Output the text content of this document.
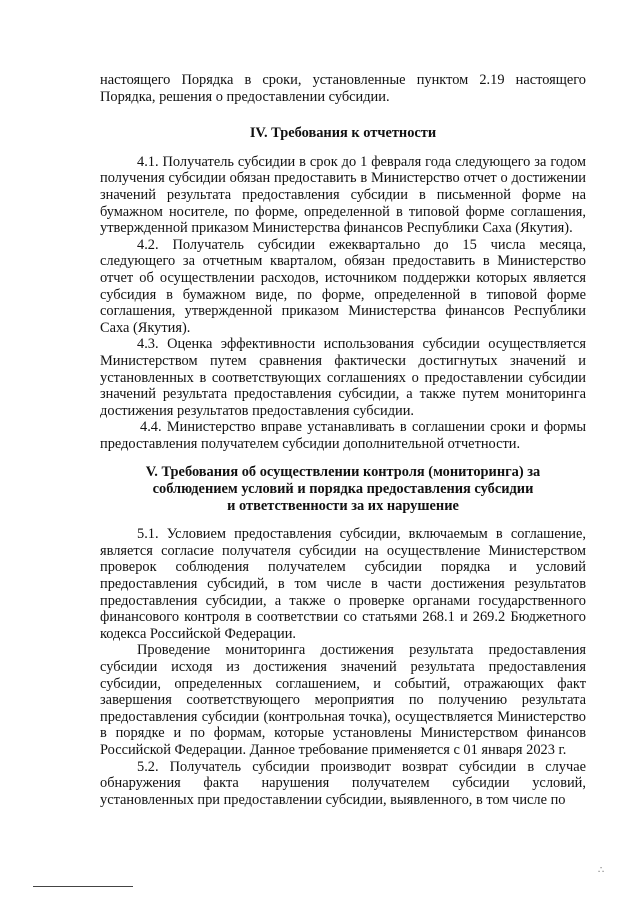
настоящего Порядка в сроки, установленные пунктом 2.19 настоящего Порядка, решения о предоставлении субсидии.

IV. Требования к отчетности

4.1. Получатель субсидии в срок до 1 февраля года следующего за годом получения субсидии обязан предоставить в Министерство отчет о достижении значений результата предоставления субсидии в письменной форме на бумажном носителе, по форме, определенной в типовой форме соглашения, утвержденной приказом Министерства финансов Республики Саха (Якутия).

4.2. Получатель субсидии ежеквартально до 15 числа месяца, следующего за отчетным кварталом, обязан предоставить в Министерство отчет об осуществлении расходов, источником поддержки которых является субсидия в бумажном виде, по форме, определенной в типовой форме соглашения, утвержденной приказом Министерства финансов Республики Саха (Якутия).

4.3. Оценка эффективности использования субсидии осуществляется Министерством путем сравнения фактически достигнутых значений и установленных в соответствующих соглашениях о предоставлении субсидии значений результата предоставления субсидии, а также путем мониторинга достижения результатов предоставления субсидии.

4.4. Министерство вправе устанавливать в соглашении сроки и формы предоставления получателем субсидии дополнительной отчетности.

V. Требования об осуществлении контроля (мониторинга) за
соблюдением условий и порядка предоставления субсидии
и ответственности за их нарушение

5.1. Условием предоставления субсидии, включаемым в соглашение, является согласие получателя субсидии на осуществление Министерством проверок соблюдения получателем субсидии порядка и условий предоставления субсидий, в том числе в части достижения результатов предоставления субсидии, а также о проверке органами государственного финансового контроля в соответствии со статьями 268.1 и 269.2 Бюджетного кодекса Российской Федерации.

Проведение мониторинга достижения результата предоставления субсидии исходя из достижения значений результата предоставления субсидии, определенных соглашением, и событий, отражающих факт завершения соответствующего мероприятия по получению результата предоставления субсидии (контрольная точка), осуществляется Министерство в порядке и по формам, которые установлены Министерством финансов Российской Федерации. Данное требование применяется с 01 января 2023 г.

5.2. Получатель субсидии производит возврат субсидии в случае обнаружения факта нарушения получателем субсидии условий, установленных при предоставлении субсидии, выявленного, в том числе по

∴
